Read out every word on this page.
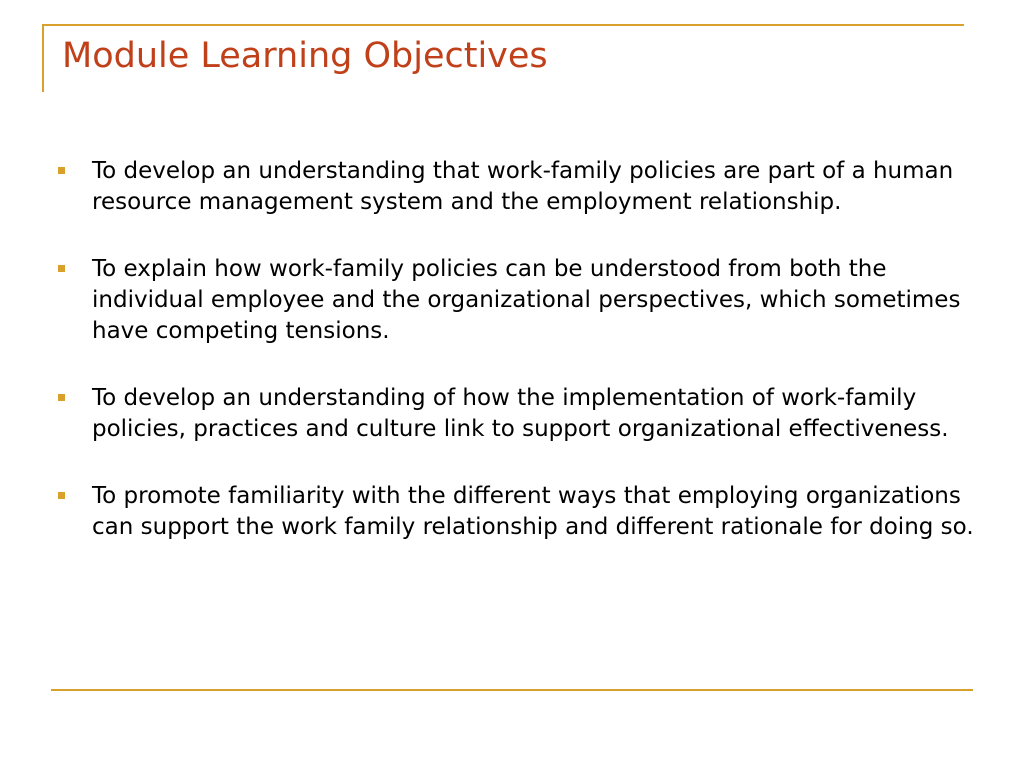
Module Learning Objectives
To develop an understanding that work-family policies are part of a human resource management system and the employment relationship.
To explain how work-family policies can be understood from both the individual employee and the organizational perspectives, which sometimes have competing tensions.
To develop an understanding of how the implementation of work-family policies, practices and culture link to support organizational effectiveness.
To promote familiarity with the different ways that employing organizations can support the work family relationship and different rationale for doing so.
